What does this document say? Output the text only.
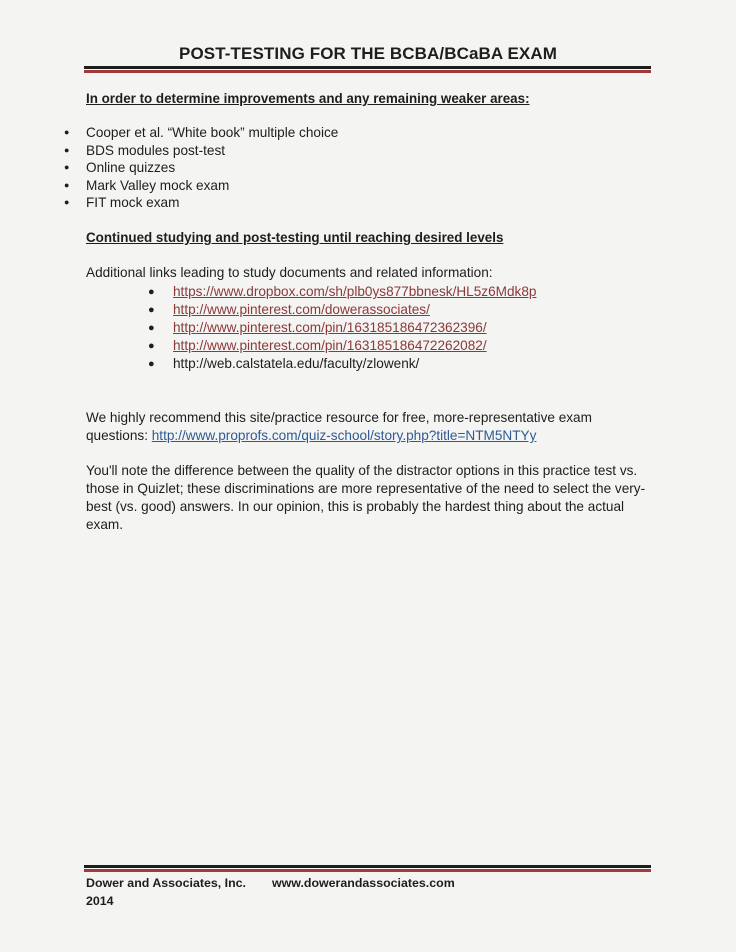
POST-TESTING FOR THE BCBA/BCaBA EXAM
In order to determine improvements and any remaining weaker areas:
● Cooper et al. “White book” multiple choice
● BDS modules post-test
● Online quizzes
● Mark Valley mock exam
● FIT mock exam
Continued studying and post-testing until reaching desired levels
Additional links leading to study documents and related information:
● https://www.dropbox.com/sh/plb0ys877bbnesk/HL5z6Mdk8p
● http://www.pinterest.com/dowerassociates/
● http://www.pinterest.com/pin/163185186472362396/
● http://www.pinterest.com/pin/163185186472262082/
● http://web.calstatela.edu/faculty/zlowenk/
We highly recommend this site/practice resource for free, more-representative exam questions: http://www.proprofs.com/quiz-school/story.php?title=NTM5NTYy
You'll note the difference between the quality of the distractor options in this practice test vs. those in Quizlet; these discriminations are more representative of the need to select the very-best (vs. good) answers. In our opinion, this is probably the hardest thing about the actual exam.
Dower and Associates, Inc. www.dowerandassociates.com
2014
